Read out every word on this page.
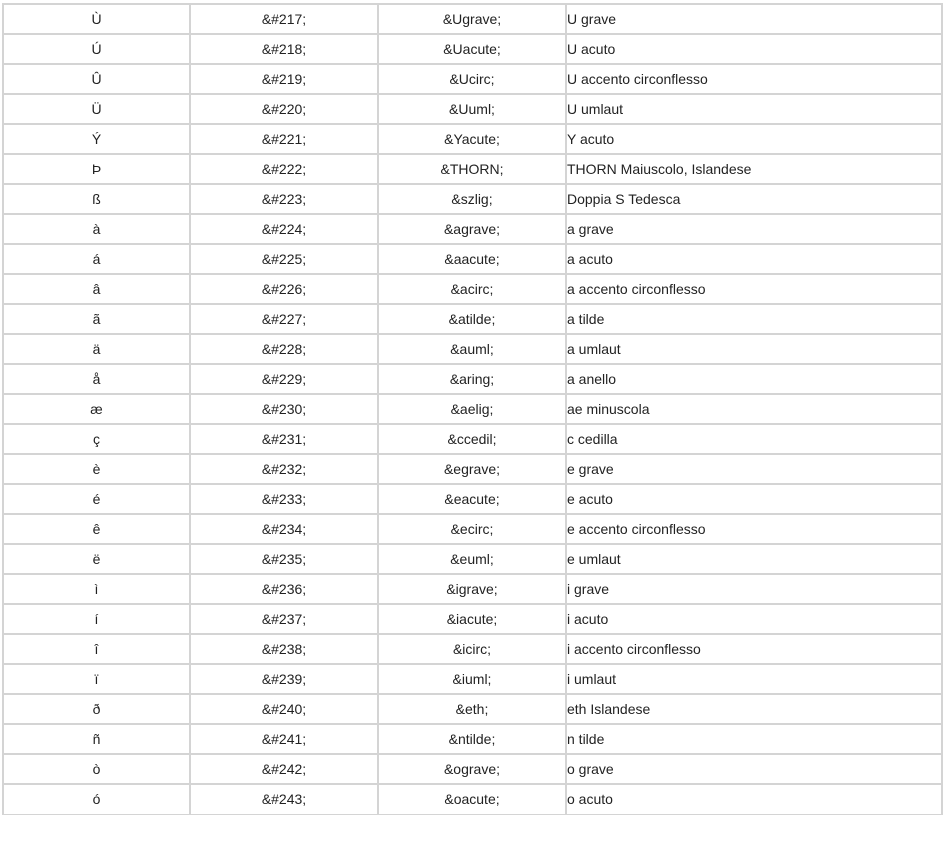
Ù	&#217;	&Ugrave;	U grave
Ú	&#218;	&Uacute;	U acuto
Û	&#219;	&Ucirc;	U accento circonflesso
Ü	&#220;	&Uuml;	U umlaut
Ý	&#221;	&Yacute;	Y acuto
Þ	&#222;	&THORN;	THORN Maiuscolo, Islandese
ß	&#223;	&szlig;	Doppia S Tedesca
à	&#224;	&agrave;	a grave
á	&#225;	&aacute;	a acuto
â	&#226;	&acirc;	a accento circonflesso
ã	&#227;	&atilde;	a tilde
ä	&#228;	&auml;	a umlaut
å	&#229;	&aring;	a anello
æ	&#230;	&aelig;	ae minuscola
ç	&#231;	&ccedil;	c cedilla
è	&#232;	&egrave;	e grave
é	&#233;	&eacute;	e acuto
ê	&#234;	&ecirc;	e accento circonflesso
ë	&#235;	&euml;	e umlaut
ì	&#236;	&igrave;	i grave
í	&#237;	&iacute;	i acuto
î	&#238;	&icirc;	i accento circonflesso
ï	&#239;	&iuml;	i umlaut
ð	&#240;	&eth;	eth Islandese
ñ	&#241;	&ntilde;	n tilde
ò	&#242;	&ograve;	o grave
ó	&#243;	&oacute;	o acuto
